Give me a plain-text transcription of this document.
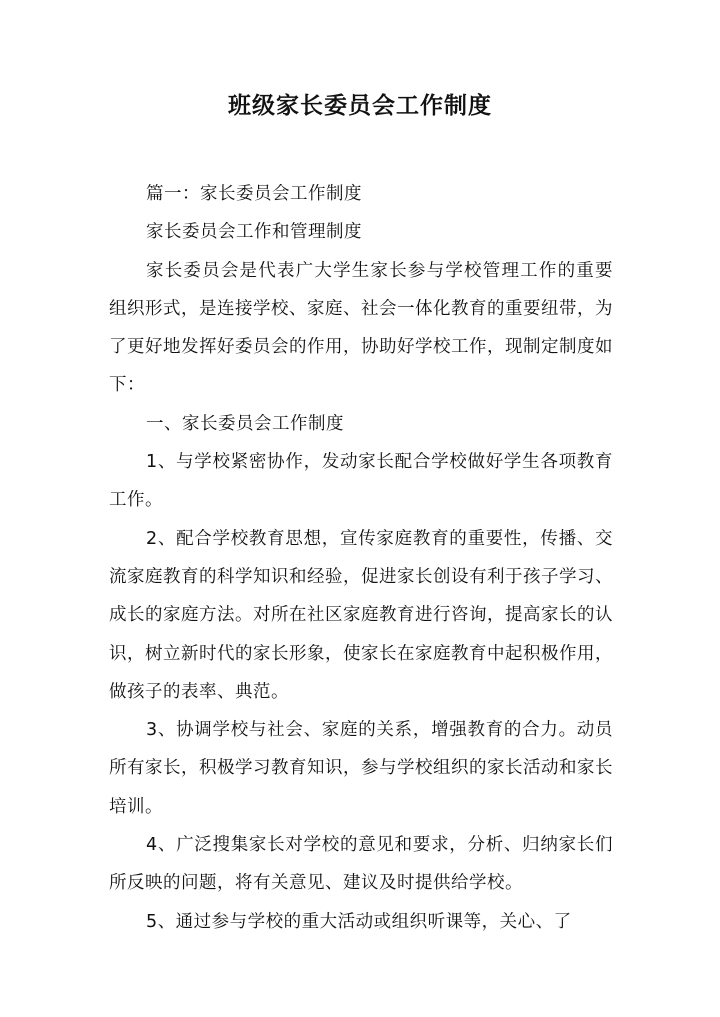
班级家长委员会工作制度

篇一：家长委员会工作制度

家长委员会工作和管理制度

家长委员会是代表广大学生家长参与学校管理工作的重要组织形式，是连接学校、家庭、社会一体化教育的重要纽带，为了更好地发挥好委员会的作用，协助好学校工作，现制定制度如下：

一、家长委员会工作制度

1、与学校紧密协作，发动家长配合学校做好学生各项教育工作。

2、配合学校教育思想，宣传家庭教育的重要性，传播、交流家庭教育的科学知识和经验，促进家长创设有利于孩子学习、成长的家庭方法。对所在社区家庭教育进行咨询，提高家长的认识，树立新时代的家长形象，使家长在家庭教育中起积极作用，做孩子的表率、典范。

3、协调学校与社会、家庭的关系，增强教育的合力。动员所有家长，积极学习教育知识，参与学校组织的家长活动和家长培训。

4、广泛搜集家长对学校的意见和要求，分析、归纳家长们所反映的问题，将有关意见、建议及时提供给学校。

5、通过参与学校的重大活动或组织听课等，关心、了
